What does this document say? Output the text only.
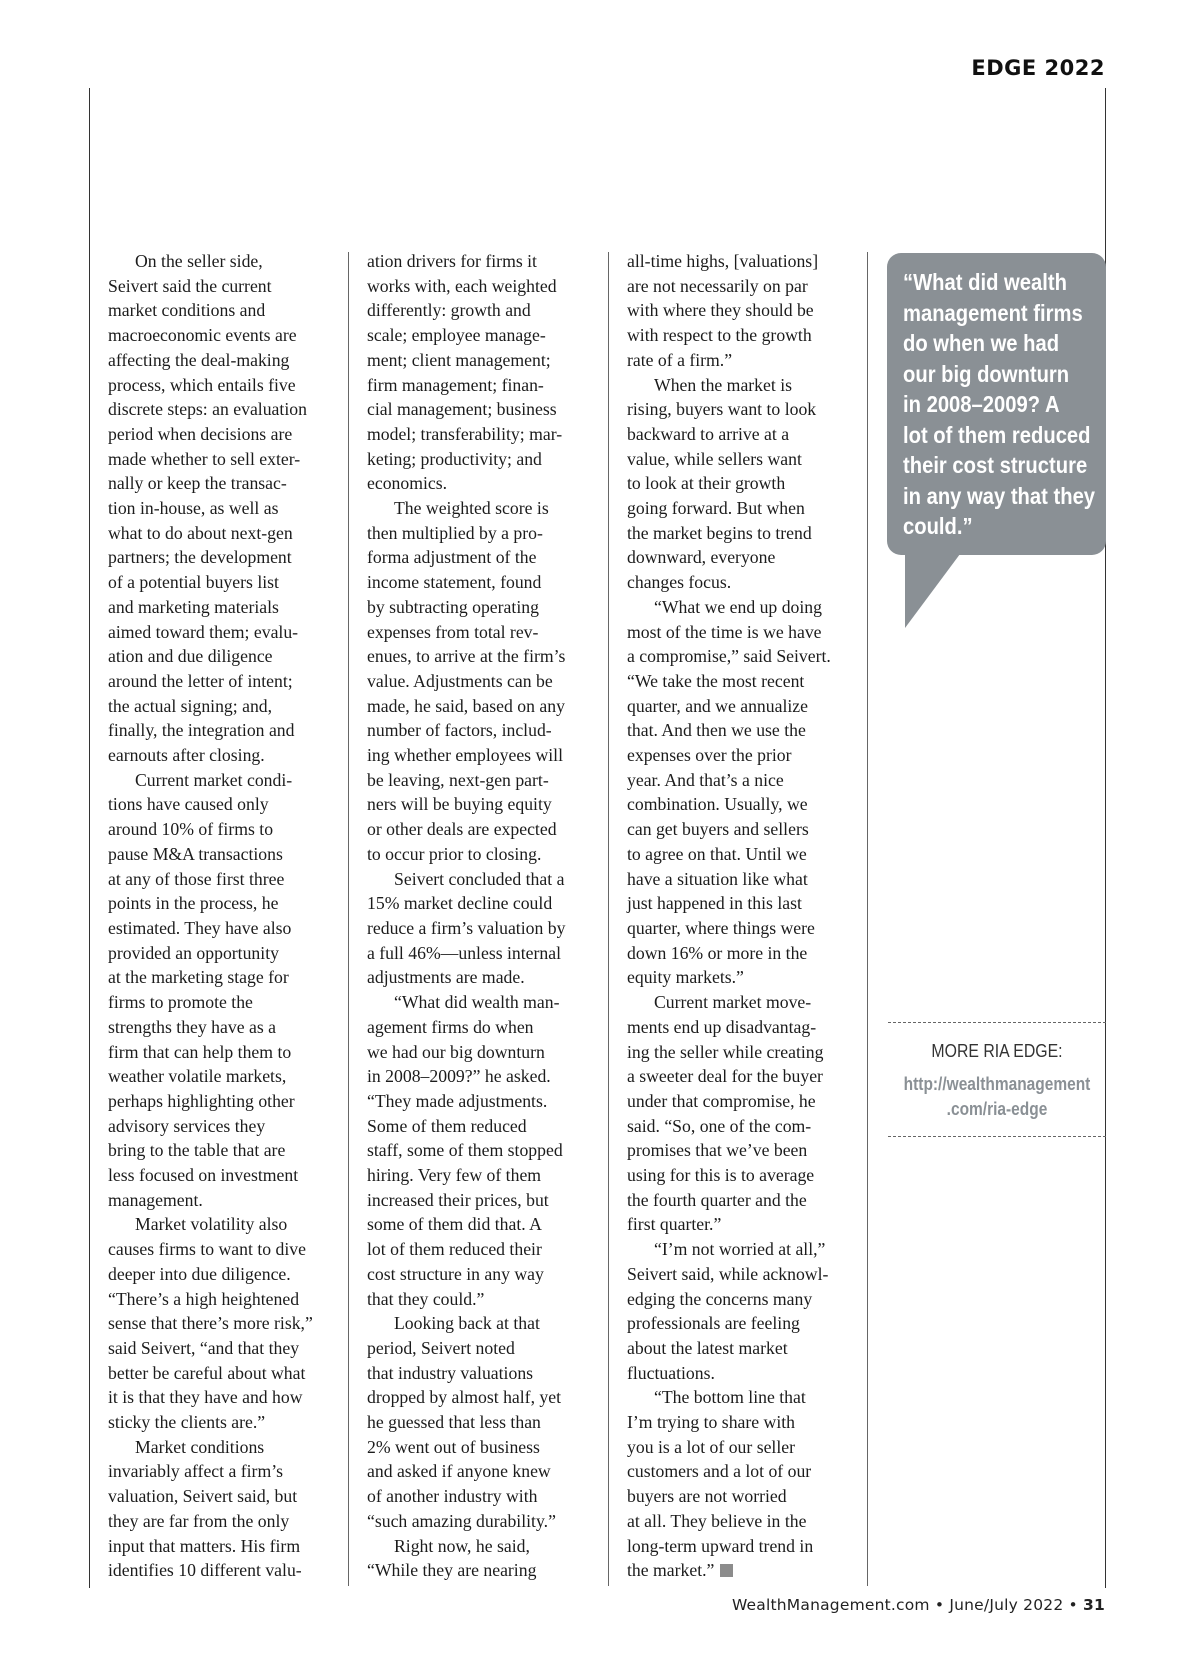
EDGE 2022

On the seller side,
Seivert said the current
market conditions and
macroeconomic events are
affecting the deal-making
process, which entails five
discrete steps: an evaluation
period when decisions are
made whether to sell exter-
nally or keep the transac-
tion in-house, as well as
what to do about next-gen
partners; the development
of a potential buyers list
and marketing materials
aimed toward them; evalu-
ation and due diligence
around the letter of intent;
the actual signing; and,
finally, the integration and
earnouts after closing.

Current market condi-
tions have caused only
around 10% of firms to
pause M&A transactions
at any of those first three
points in the process, he
estimated. They have also
provided an opportunity
at the marketing stage for
firms to promote the
strengths they have as a
firm that can help them to
weather volatile markets,
perhaps highlighting other
advisory services they
bring to the table that are
less focused on investment
management.

Market volatility also
causes firms to want to dive
deeper into due diligence.
“There’s a high heightened
sense that there’s more risk,”
said Seivert, “and that they
better be careful about what
it is that they have and how
sticky the clients are.”

Market conditions
invariably affect a firm’s
valuation, Seivert said, but
they are far from the only
input that matters. His firm
identifies 10 different valu-

ation drivers for firms it
works with, each weighted
differently: growth and
scale; employee manage-
ment; client management;
firm management; finan-
cial management; business
model; transferability; mar-
keting; productivity; and
economics.

The weighted score is
then multiplied by a pro-
forma adjustment of the
income statement, found
by subtracting operating
expenses from total rev-
enues, to arrive at the firm’s
value. Adjustments can be
made, he said, based on any
number of factors, includ-
ing whether employees will
be leaving, next-gen part-
ners will be buying equity
or other deals are expected
to occur prior to closing.

Seivert concluded that a
15% market decline could
reduce a firm’s valuation by
a full 46%—unless internal
adjustments are made.

“What did wealth man-
agement firms do when
we had our big downturn
in 2008–2009?” he asked.
“They made adjustments.
Some of them reduced
staff, some of them stopped
hiring. Very few of them
increased their prices, but
some of them did that. A
lot of them reduced their
cost structure in any way
that they could.”

Looking back at that
period, Seivert noted
that industry valuations
dropped by almost half, yet
he guessed that less than
2% went out of business
and asked if anyone knew
of another industry with
“such amazing durability.”

Right now, he said,
“While they are nearing

all-time highs, [valuations]
are not necessarily on par
with where they should be
with respect to the growth
rate of a firm.”

When the market is
rising, buyers want to look
backward to arrive at a
value, while sellers want
to look at their growth
going forward. But when
the market begins to trend
downward, everyone
changes focus.

“What we end up doing
most of the time is we have
a compromise,” said Seivert.
“We take the most recent
quarter, and we annualize
that. And then we use the
expenses over the prior
year. And that’s a nice
combination. Usually, we
can get buyers and sellers
to agree on that. Until we
have a situation like what
just happened in this last
quarter, where things were
down 16% or more in the
equity markets.”

Current market move-
ments end up disadvantag-
ing the seller while creating
a sweeter deal for the buyer
under that compromise, he
said. “So, one of the com-
promises that we’ve been
using for this is to average
the fourth quarter and the
first quarter.”

“I’m not worried at all,”
Seivert said, while acknowl-
edging the concerns many
professionals are feeling
about the latest market
fluctuations.

“The bottom line that
I’m trying to share with
you is a lot of our seller
customers and a lot of our
buyers are not worried
at all. They believe in the
long-term upward trend in
the market.”

“What did wealth
management firms
do when we had
our big downturn
in 2008–2009? A
lot of them reduced
their cost structure
in any way that they
could.”
MORE RIA EDGE:
http://wealthmanagement
.com/ria-edge
WealthManagement.com • June/July 2022 • 31
